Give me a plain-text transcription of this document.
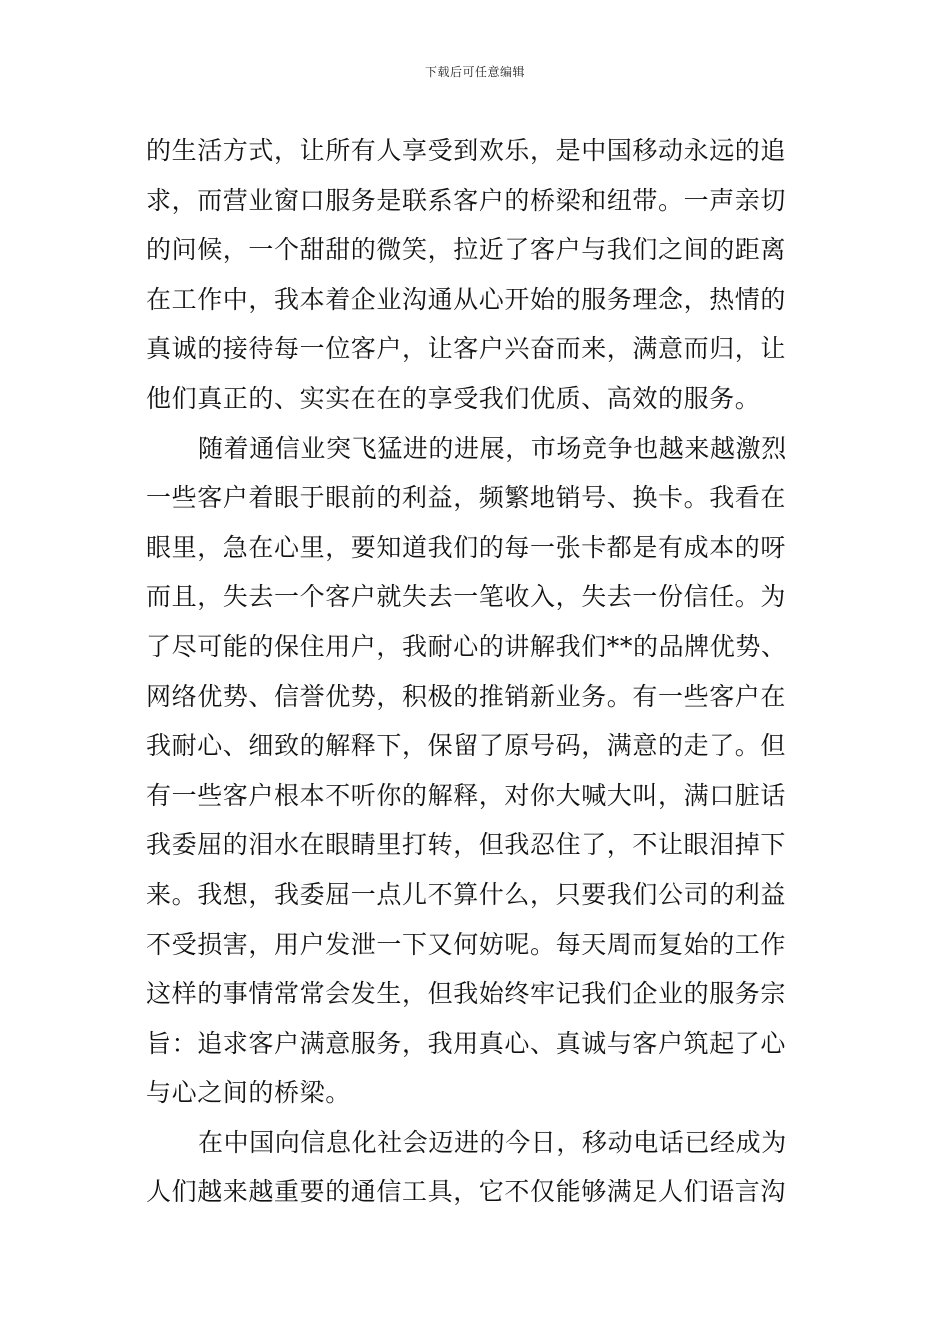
下载后可任意编辑
的生活方式，让所有人享受到欢乐，是中国移动永远的追
求，而营业窗口服务是联系客户的桥梁和纽带。一声亲切
的问候，一个甜甜的微笑，拉近了客户与我们之间的距离
在工作中，我本着企业沟通从心开始的服务理念，热情的
真诚的接待每一位客户，让客户兴奋而来，满意而归，让
他们真正的、实实在在的享受我们优质、高效的服务。
随着通信业突飞猛进的进展，市场竞争也越来越激烈
一些客户着眼于眼前的利益，频繁地销号、换卡。我看在
眼里，急在心里，要知道我们的每一张卡都是有成本的呀
而且，失去一个客户就失去一笔收入，失去一份信任。为
了尽可能的保住用户，我耐心的讲解我们**的品牌优势、
网络优势、信誉优势，积极的推销新业务。有一些客户在
我耐心、细致的解释下，保留了原号码，满意的走了。但
有一些客户根本不听你的解释，对你大喊大叫，满口脏话
我委屈的泪水在眼睛里打转，但我忍住了，不让眼泪掉下
来。我想，我委屈一点儿不算什么，只要我们公司的利益
不受损害，用户发泄一下又何妨呢。每天周而复始的工作
这样的事情常常会发生，但我始终牢记我们企业的服务宗
旨：追求客户满意服务，我用真心、真诚与客户筑起了心
与心之间的桥梁。
在中国向信息化社会迈进的今日，移动电话已经成为
人们越来越重要的通信工具，它不仅能够满足人们语言沟
